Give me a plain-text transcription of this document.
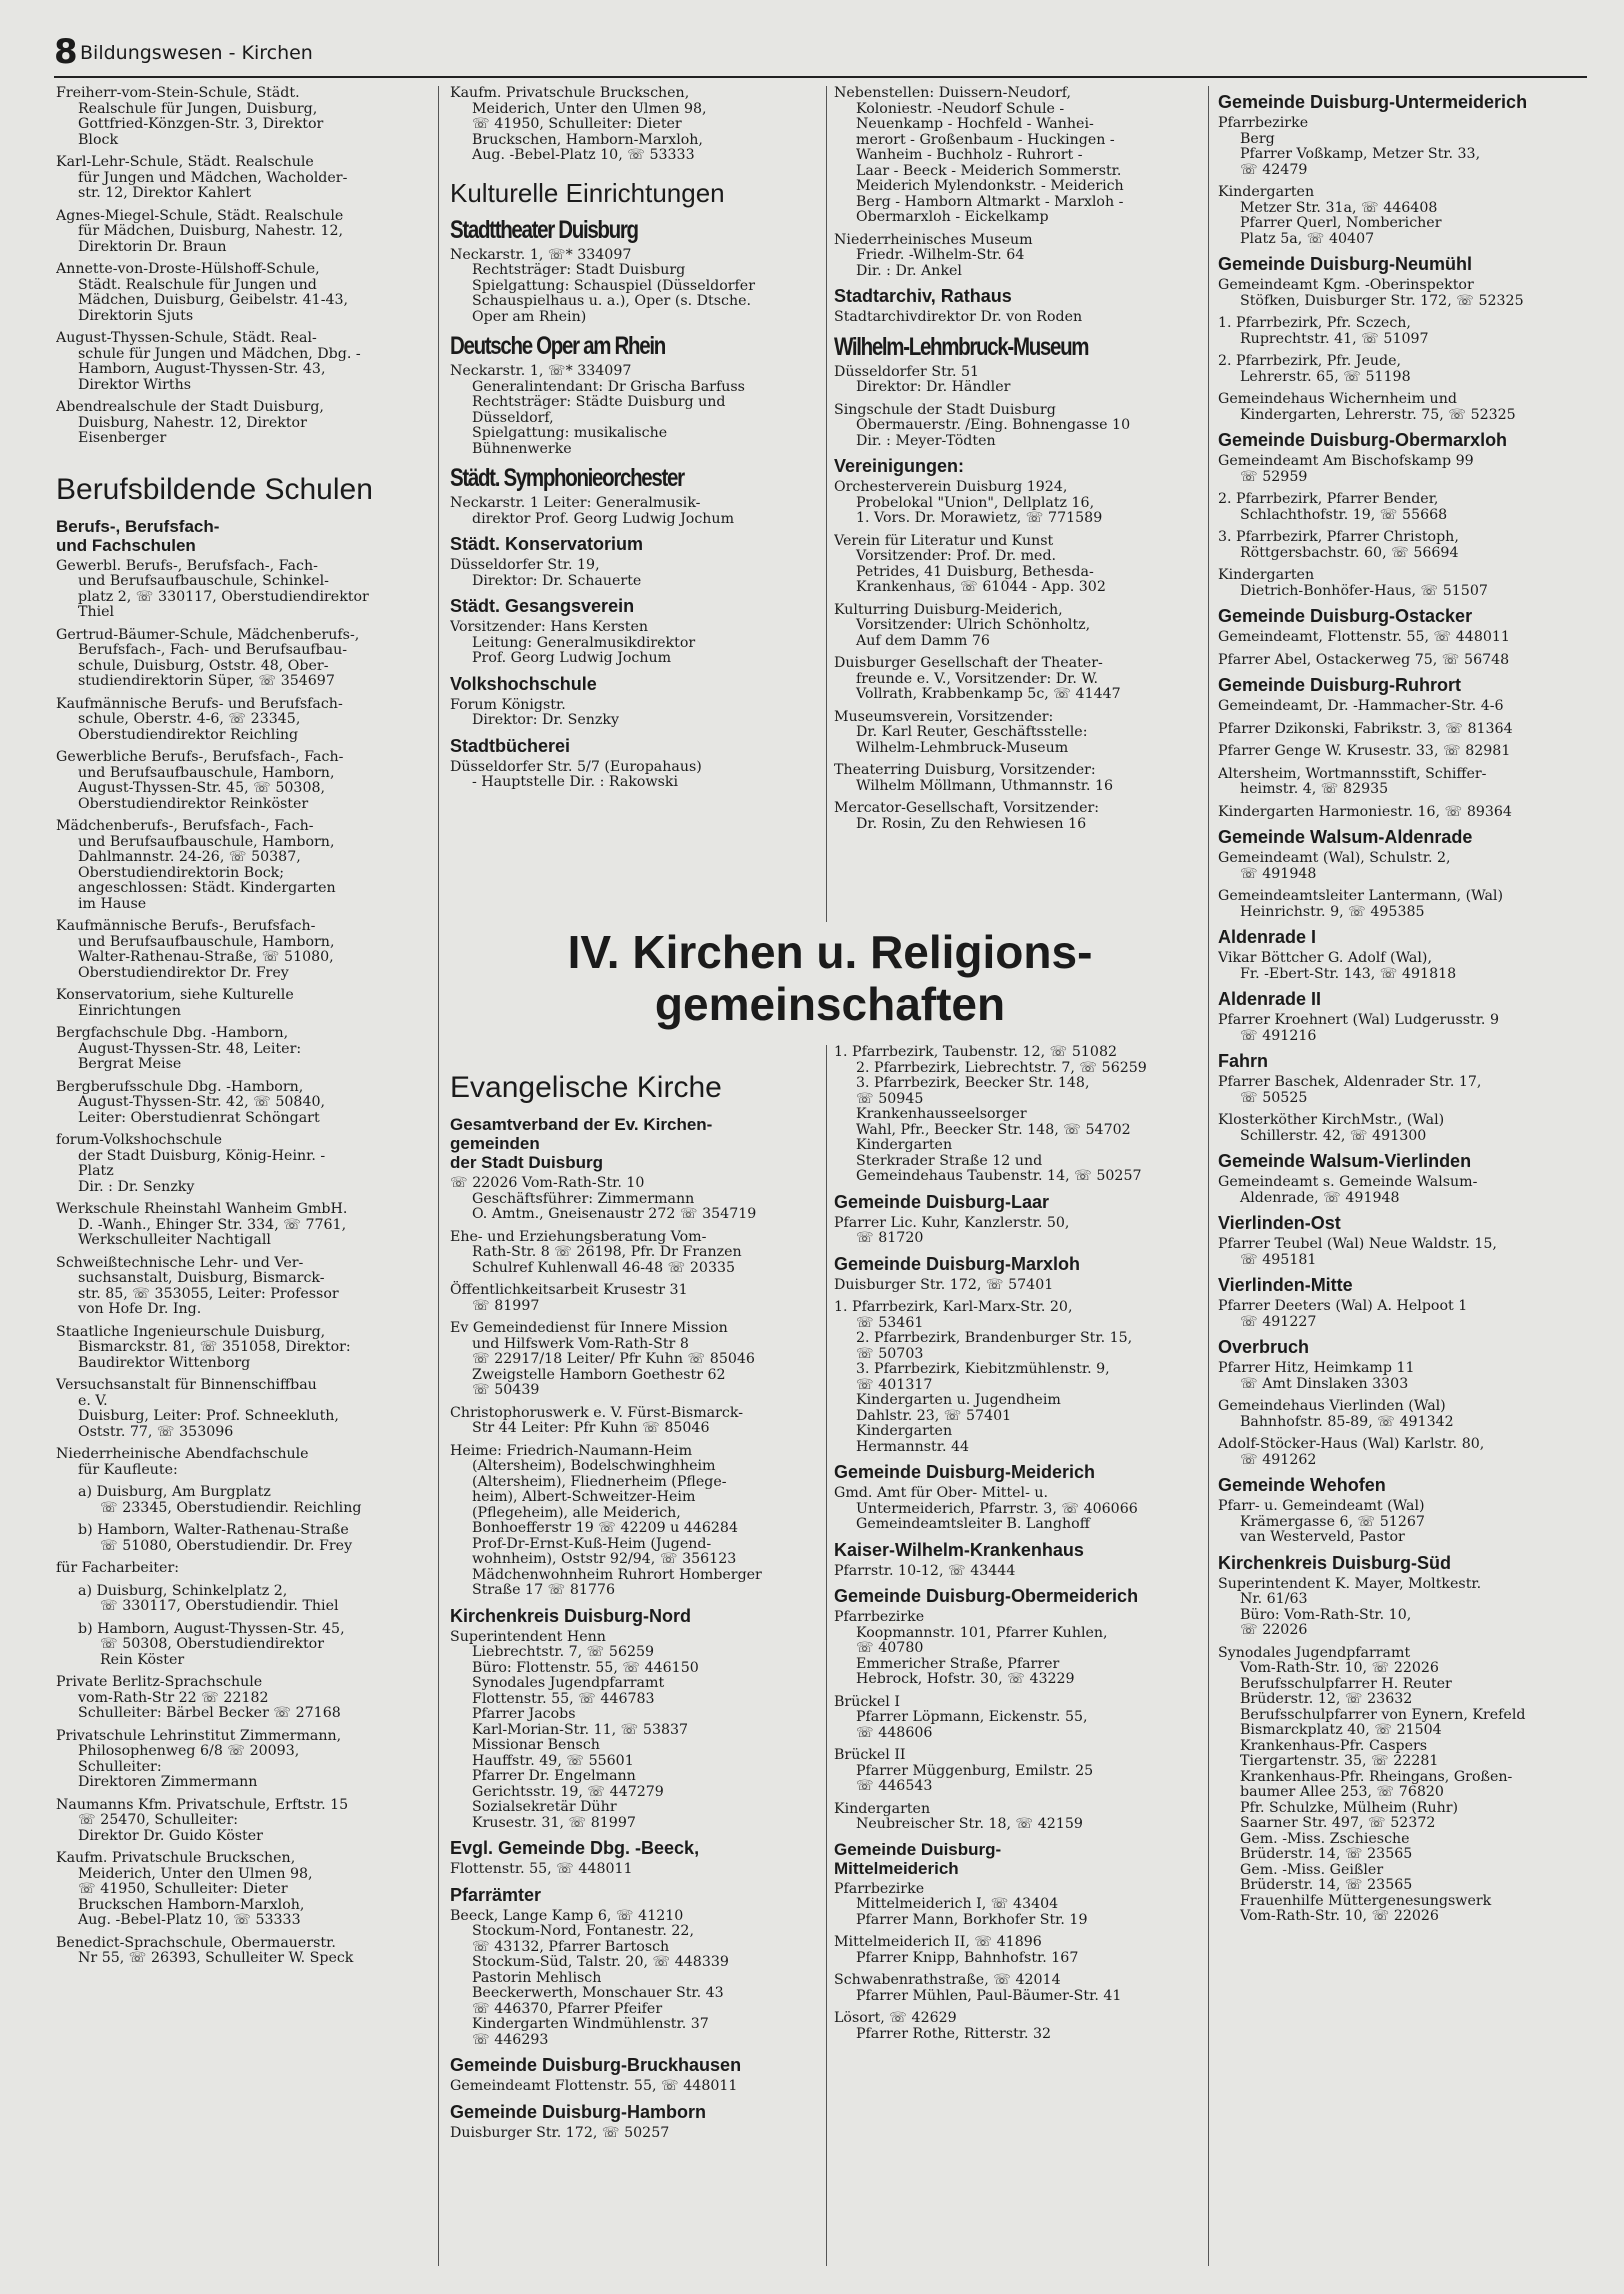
8 Bildungswesen - Kirchen
Freiherr-vom-Stein-Schule, Städt.
Realschule für Jungen, Duisburg,
Gottfried-Könzgen-Str. 3, Direktor
Block
Karl-Lehr-Schule, Städt. Realschule
für Jungen und Mädchen, Wacholder-
str. 12, Direktor Kahlert
Agnes-Miegel-Schule, Städt. Realschule
für Mädchen, Duisburg, Nahestr. 12,
Direktorin Dr. Braun
Annette-von-Droste-Hülshoff-Schule,
Städt. Realschule für Jungen und
Mädchen, Duisburg, Geibelstr. 41-43,
Direktorin Sjuts
August-Thyssen-Schule, Städt. Real-
schule für Jungen und Mädchen, Dbg. -
Hamborn, August-Thyssen-Str. 43,
Direktor Wirths
Abendrealschule der Stadt Duisburg,
Duisburg, Nahestr. 12, Direktor
Eisenberger
Berufsbildende Schulen
Berufs-, Berufsfach-
und Fachschulen
Gewerbl. Berufs-, Berufsfach-, Fach-
und Berufsaufbauschule, Schinkel-
platz 2, ☏ 330117, Oberstudiendirektor
Thiel
Gertrud-Bäumer-Schule, Mädchenberufs-,
Berufsfach-, Fach- und Berufsaufbau-
schule, Duisburg, Oststr. 48, Ober-
studiendirektorin Süper, ☏ 354697
Kaufmännische Berufs- und Berufsfach-
schule, Oberstr. 4-6, ☏ 23345,
Oberstudiendirektor Reichling
Gewerbliche Berufs-, Berufsfach-, Fach-
und Berufsaufbauschule, Hamborn,
August-Thyssen-Str. 45, ☏ 50308,
Oberstudiendirektor Reinköster
Mädchenberufs-, Berufsfach-, Fach-
und Berufsaufbauschule, Hamborn,
Dahlmannstr. 24-26, ☏ 50387,
Oberstudiendirektorin Bock;
angeschlossen: Städt. Kindergarten
im Hause
Kaufmännische Berufs-, Berufsfach-
und Berufsaufbauschule, Hamborn,
Walter-Rathenau-Straße, ☏ 51080,
Oberstudiendirektor Dr. Frey
Konservatorium, siehe Kulturelle
Einrichtungen
Bergfachschule Dbg. -Hamborn,
August-Thyssen-Str. 48, Leiter:
Bergrat Meise
Bergberufsschule Dbg. -Hamborn,
August-Thyssen-Str. 42, ☏ 50840,
Leiter: Oberstudienrat Schöngart
forum-Volkshochschule
der Stadt Duisburg, König-Heinr. -
Platz
Dir. : Dr. Senzky
Werkschule Rheinstahl Wanheim GmbH.
D. -Wanh., Ehinger Str. 334, ☏ 7761,
Werkschulleiter Nachtigall
Schweißtechnische Lehr- und Ver-
suchsanstalt, Duisburg, Bismarck-
str. 85, ☏ 353055, Leiter: Professor
von Hofe Dr. Ing.
Staatliche Ingenieurschule Duisburg,
Bismarckstr. 81, ☏ 351058, Direktor:
Baudirektor Wittenborg
Versuchsanstalt für Binnenschiffbau
e. V.
Duisburg, Leiter: Prof. Schneekluth,
Oststr. 77, ☏ 353096
Niederrheinische Abendfachschule
für Kaufleute:
a) Duisburg, Am Burgplatz
☏ 23345, Oberstudiendir. Reichling
b) Hamborn, Walter-Rathenau-Straße
☏ 51080, Oberstudiendir. Dr. Frey
für Facharbeiter:
a) Duisburg, Schinkelplatz 2,
☏ 330117, Oberstudiendir. Thiel
b) Hamborn, August-Thyssen-Str. 45,
☏ 50308, Oberstudiendirektor
Rein Köster
Private Berlitz-Sprachschule
vom-Rath-Str 22 ☏ 22182
Schulleiter: Bärbel Becker ☏ 27168
Privatschule Lehrinstitut Zimmermann,
Philosophenweg 6/8 ☏ 20093,
Schulleiter:
Direktoren Zimmermann
Naumanns Kfm. Privatschule, Erftstr. 15
☏ 25470, Schulleiter:
Direktor Dr. Guido Köster
Kaufm. Privatschule Bruckschen,
Meiderich, Unter den Ulmen 98,
☏ 41950, Schulleiter: Dieter
Bruckschen Hamborn-Marxloh,
Aug. -Bebel-Platz 10, ☏ 53333
Benedict-Sprachschule, Obermauerstr.
Nr 55, ☏ 26393, Schulleiter W. Speck
Kaufm. Privatschule Bruckschen,
Meiderich, Unter den Ulmen 98,
☏ 41950, Schulleiter: Dieter
Bruckschen, Hamborn-Marxloh,
Aug. -Bebel-Platz 10, ☏ 53333
Kulturelle Einrichtungen
Stadttheater Duisburg
Neckarstr. 1, ☏* 334097
Rechtsträger: Stadt Duisburg
Spielgattung: Schauspiel (Düsseldorfer
Schauspielhaus u. a.), Oper (s. Dtsche.
Oper am Rhein)
Deutsche Oper am Rhein
Neckarstr. 1, ☏* 334097
Generalintendant: Dr Grischa Barfuss
Rechtsträger: Städte Duisburg und
Düsseldorf,
Spielgattung: musikalische
Bühnenwerke
Städt. Symphonieorchester
Neckarstr. 1 Leiter: Generalmusik-
direktor Prof. Georg Ludwig Jochum
Städt. Konservatorium
Düsseldorfer Str. 19,
Direktor: Dr. Schauerte
Städt. Gesangsverein
Vorsitzender: Hans Kersten
Leitung: Generalmusikdirektor
Prof. Georg Ludwig Jochum
Volkshochschule
Forum Königstr.
Direktor: Dr. Senzky
Stadtbücherei
Düsseldorfer Str. 5/7 (Europahaus)
- Hauptstelle Dir. : Rakowski
Nebenstellen: Duissern-Neudorf,
Koloniestr. -Neudorf Schule -
Neuenkamp - Hochfeld - Wanhei-
merort - Großenbaum - Huckingen -
Wanheim - Buchholz - Ruhrort -
Laar - Beeck - Meiderich Sommerstr.
Meiderich Mylendonkstr. - Meiderich
Berg - Hamborn Altmarkt - Marxloh -
Obermarxloh - Eickelkamp
Niederrheinisches Museum
Friedr. -Wilhelm-Str. 64
Dir. : Dr. Ankel
Stadtarchiv, Rathaus
Stadtarchivdirektor Dr. von Roden
Wilhelm-Lehmbruck-Museum
Düsseldorfer Str. 51
Direktor: Dr. Händler
Singschule der Stadt Duisburg
Obermauerstr. /Eing. Bohnengasse 10
Dir. : Meyer-Tödten
Vereinigungen:
Orchesterverein Duisburg 1924,
Probelokal "Union", Dellplatz 16,
1. Vors. Dr. Morawietz, ☏ 771589
Verein für Literatur und Kunst
Vorsitzender: Prof. Dr. med.
Petrides, 41 Duisburg, Bethesda-
Krankenhaus, ☏ 61044 - App. 302
Kulturring Duisburg-Meiderich,
Vorsitzender: Ulrich Schönholtz,
Auf dem Damm 76
Duisburger Gesellschaft der Theater-
freunde e. V., Vorsitzender: Dr. W.
Vollrath, Krabbenkamp 5c, ☏ 41447
Museumsverein, Vorsitzender:
Dr. Karl Reuter, Geschäftsstelle:
Wilhelm-Lehmbruck-Museum
Theaterring Duisburg, Vorsitzender:
Wilhelm Möllmann, Uthmannstr. 16
Mercator-Gesellschaft, Vorsitzender:
Dr. Rosin, Zu den Rehwiesen 16
Gemeinde Duisburg-Untermeiderich
Pfarrbezirke
Berg
Pfarrer Voßkamp, Metzer Str. 33,
☏ 42479
Kindergarten
Metzer Str. 31a, ☏ 446408
Pfarrer Querl, Nombericher
Platz 5a, ☏ 40407
Gemeinde Duisburg-Neumühl
Gemeindeamt Kgm. -Oberinspektor
Stöfken, Duisburger Str. 172, ☏ 52325
1. Pfarrbezirk, Pfr. Sczech,
Ruprechtstr. 41, ☏ 51097
2. Pfarrbezirk, Pfr. Jeude,
Lehrerstr. 65, ☏ 51198
Gemeindehaus Wichernheim und
Kindergarten, Lehrerstr. 75, ☏ 52325
Gemeinde Duisburg-Obermarxloh
Gemeindeamt Am Bischofskamp 99
☏ 52959
2. Pfarrbezirk, Pfarrer Bender,
Schlachthofstr. 19, ☏ 55668
3. Pfarrbezirk, Pfarrer Christoph,
Röttgersbachstr. 60, ☏ 56694
Kindergarten
Dietrich-Bonhöfer-Haus, ☏ 51507
Gemeinde Duisburg-Ostacker
Gemeindeamt, Flottenstr. 55, ☏ 448011
Pfarrer Abel, Ostackerweg 75, ☏ 56748
Gemeinde Duisburg-Ruhrort
Gemeindeamt, Dr. -Hammacher-Str. 4-6
Pfarrer Dzikonski, Fabrikstr. 3, ☏ 81364
Pfarrer Genge W. Krusestr. 33, ☏ 82981
Altersheim, Wortmannsstift, Schiffer-
heimstr. 4, ☏ 82935
Kindergarten Harmoniestr. 16, ☏ 89364
Gemeinde Walsum-Aldenrade
Gemeindeamt (Wal), Schulstr. 2,
☏ 491948
Gemeindeamtsleiter Lantermann, (Wal)
Heinrichstr. 9, ☏ 495385
Aldenrade I
Vikar Böttcher G. Adolf (Wal),
Fr. -Ebert-Str. 143, ☏ 491818
Aldenrade II
Pfarrer Kroehnert (Wal) Ludgerusstr. 9
☏ 491216
Fahrn
Pfarrer Baschek, Aldenrader Str. 17,
☏ 50525
Klosterköther KirchMstr., (Wal)
Schillerstr. 42, ☏ 491300
Gemeinde Walsum-Vierlinden
Gemeindeamt s. Gemeinde Walsum-
Aldenrade, ☏ 491948
Vierlinden-Ost
Pfarrer Teubel (Wal) Neue Waldstr. 15,
☏ 495181
Vierlinden-Mitte
Pfarrer Deeters (Wal) A. Helpoot 1
☏ 491227
Overbruch
Pfarrer Hitz, Heimkamp 11
☏ Amt Dinslaken 3303
Gemeindehaus Vierlinden (Wal)
Bahnhofstr. 85-89, ☏ 491342
Adolf-Stöcker-Haus (Wal) Karlstr. 80,
☏ 491262
Gemeinde Wehofen
Pfarr- u. Gemeindeamt (Wal)
Krämergasse 6, ☏ 51267
van Westerveld, Pastor
Kirchenkreis Duisburg-Süd
Superintendent K. Mayer, Moltkestr.
Nr. 61/63
Büro: Vom-Rath-Str. 10,
☏ 22026
Synodales Jugendpfarramt
Vom-Rath-Str. 10, ☏ 22026
Berufsschulpfarrer H. Reuter
Brüderstr. 12, ☏ 23632
Berufsschulpfarrer von Eynern, Krefeld
Bismarckplatz 40, ☏ 21504
Krankenhaus-Pfr. Caspers
Tiergartenstr. 35, ☏ 22281
Krankenhaus-Pfr. Rheingans, Großen-
baumer Allee 253, ☏ 76820
Pfr. Schulzke, Mülheim (Ruhr)
Saarner Str. 497, ☏ 52372
Gem. -Miss. Zschiesche
Brüderstr. 14, ☏ 23565
Gem. -Miss. Geißler
Brüderstr. 14, ☏ 23565
Frauenhilfe Müttergenesungswerk
Vom-Rath-Str. 10, ☏ 22026
IV. Kirchen u. Religions-
gemeinschaften
Evangelische Kirche
Gesamtverband der Ev. Kirchen-
gemeinden
der Stadt Duisburg
☏ 22026 Vom-Rath-Str. 10
Geschäftsführer: Zimmermann
O. Amtm., Gneisenaustr 272 ☏ 354719
Ehe- und Erziehungsberatung Vom-
Rath-Str. 8 ☏ 26198, Pfr. Dr Franzen
Schulref Kuhlenwall 46-48 ☏ 20335
Öffentlichkeitsarbeit Krusestr 31
☏ 81997
Ev Gemeindedienst für Innere Mission
und Hilfswerk Vom-Rath-Str 8
☏ 22917/18 Leiter/ Pfr Kuhn ☏ 85046
Zweigstelle Hamborn Goethestr 62
☏ 50439
Christophoruswerk e. V. Fürst-Bismarck-
Str 44 Leiter: Pfr Kuhn ☏ 85046
Heime: Friedrich-Naumann-Heim
(Altersheim), Bodelschwinghheim
(Altersheim), Fliednerheim (Pflege-
heim), Albert-Schweitzer-Heim
(Pflegeheim), alle Meiderich,
Bonhoefferstr 19 ☏ 42209 u 446284
Prof-Dr-Ernst-Kuß-Heim (Jugend-
wohnheim), Oststr 92/94, ☏ 356123
Mädchenwohnheim Ruhrort Homberger
Straße 17 ☏ 81776
Kirchenkreis Duisburg-Nord
Superintendent Henn
Liebrechtstr. 7, ☏ 56259
Büro: Flottenstr. 55, ☏ 446150
Synodales Jugendpfarramt
Flottenstr. 55, ☏ 446783
Pfarrer Jacobs
Karl-Morian-Str. 11, ☏ 53837
Missionar Bensch
Hauffstr. 49, ☏ 55601
Pfarrer Dr. Engelmann
Gerichtsstr. 19, ☏ 447279
Sozialsekretär Dühr
Krusestr. 31, ☏ 81997
Evgl. Gemeinde Dbg. -Beeck,
Flottenstr. 55, ☏ 448011
Pfarrämter
Beeck, Lange Kamp 6, ☏ 41210
Stockum-Nord, Fontanestr. 22,
☏ 43132, Pfarrer Bartosch
Stockum-Süd, Talstr. 20, ☏ 448339
Pastorin Mehlisch
Beeckerwerth, Monschauer Str. 43
☏ 446370, Pfarrer Pfeifer
Kindergarten Windmühlenstr. 37
☏ 446293
Gemeinde Duisburg-Bruckhausen
Gemeindeamt Flottenstr. 55, ☏ 448011
Gemeinde Duisburg-Hamborn
Duisburger Str. 172, ☏ 50257
1. Pfarrbezirk, Taubenstr. 12, ☏ 51082
2. Pfarrbezirk, Liebrechtstr. 7, ☏ 56259
3. Pfarrbezirk, Beecker Str. 148,
☏ 50945
Krankenhausseelsorger
Wahl, Pfr., Beecker Str. 148, ☏ 54702
Kindergarten
Sterkrader Straße 12 und
Gemeindehaus Taubenstr. 14, ☏ 50257
Gemeinde Duisburg-Laar
Pfarrer Lic. Kuhr, Kanzlerstr. 50,
☏ 81720
Gemeinde Duisburg-Marxloh
Duisburger Str. 172, ☏ 57401
1. Pfarrbezirk, Karl-Marx-Str. 20,
☏ 53461
2. Pfarrbezirk, Brandenburger Str. 15,
☏ 50703
3. Pfarrbezirk, Kiebitzmühlenstr. 9,
☏ 401317
Kindergarten u. Jugendheim
Dahlstr. 23, ☏ 57401
Kindergarten
Hermannstr. 44
Gemeinde Duisburg-Meiderich
Gmd. Amt für Ober- Mittel- u.
Untermeiderich, Pfarrstr. 3, ☏ 406066
Gemeindeamtsleiter B. Langhoff
Kaiser-Wilhelm-Krankenhaus
Pfarrstr. 10-12, ☏ 43444
Gemeinde Duisburg-Obermeiderich
Pfarrbezirke
Koopmannstr. 101, Pfarrer Kuhlen,
☏ 40780
Emmericher Straße, Pfarrer
Hebrock, Hofstr. 30, ☏ 43229
Brückel I
Pfarrer Löpmann, Eickenstr. 55,
☏ 448606
Brückel II
Pfarrer Müggenburg, Emilstr. 25
☏ 446543
Kindergarten
Neubreischer Str. 18, ☏ 42159
Gemeinde Duisburg-
Mittelmeiderich
Pfarrbezirke
Mittelmeiderich I, ☏ 43404
Pfarrer Mann, Borkhofer Str. 19
Mittelmeiderich II, ☏ 41896
Pfarrer Knipp, Bahnhofstr. 167
Schwabenrathstraße, ☏ 42014
Pfarrer Mühlen, Paul-Bäumer-Str. 41
Lösort, ☏ 42629
Pfarrer Rothe, Ritterstr. 32
